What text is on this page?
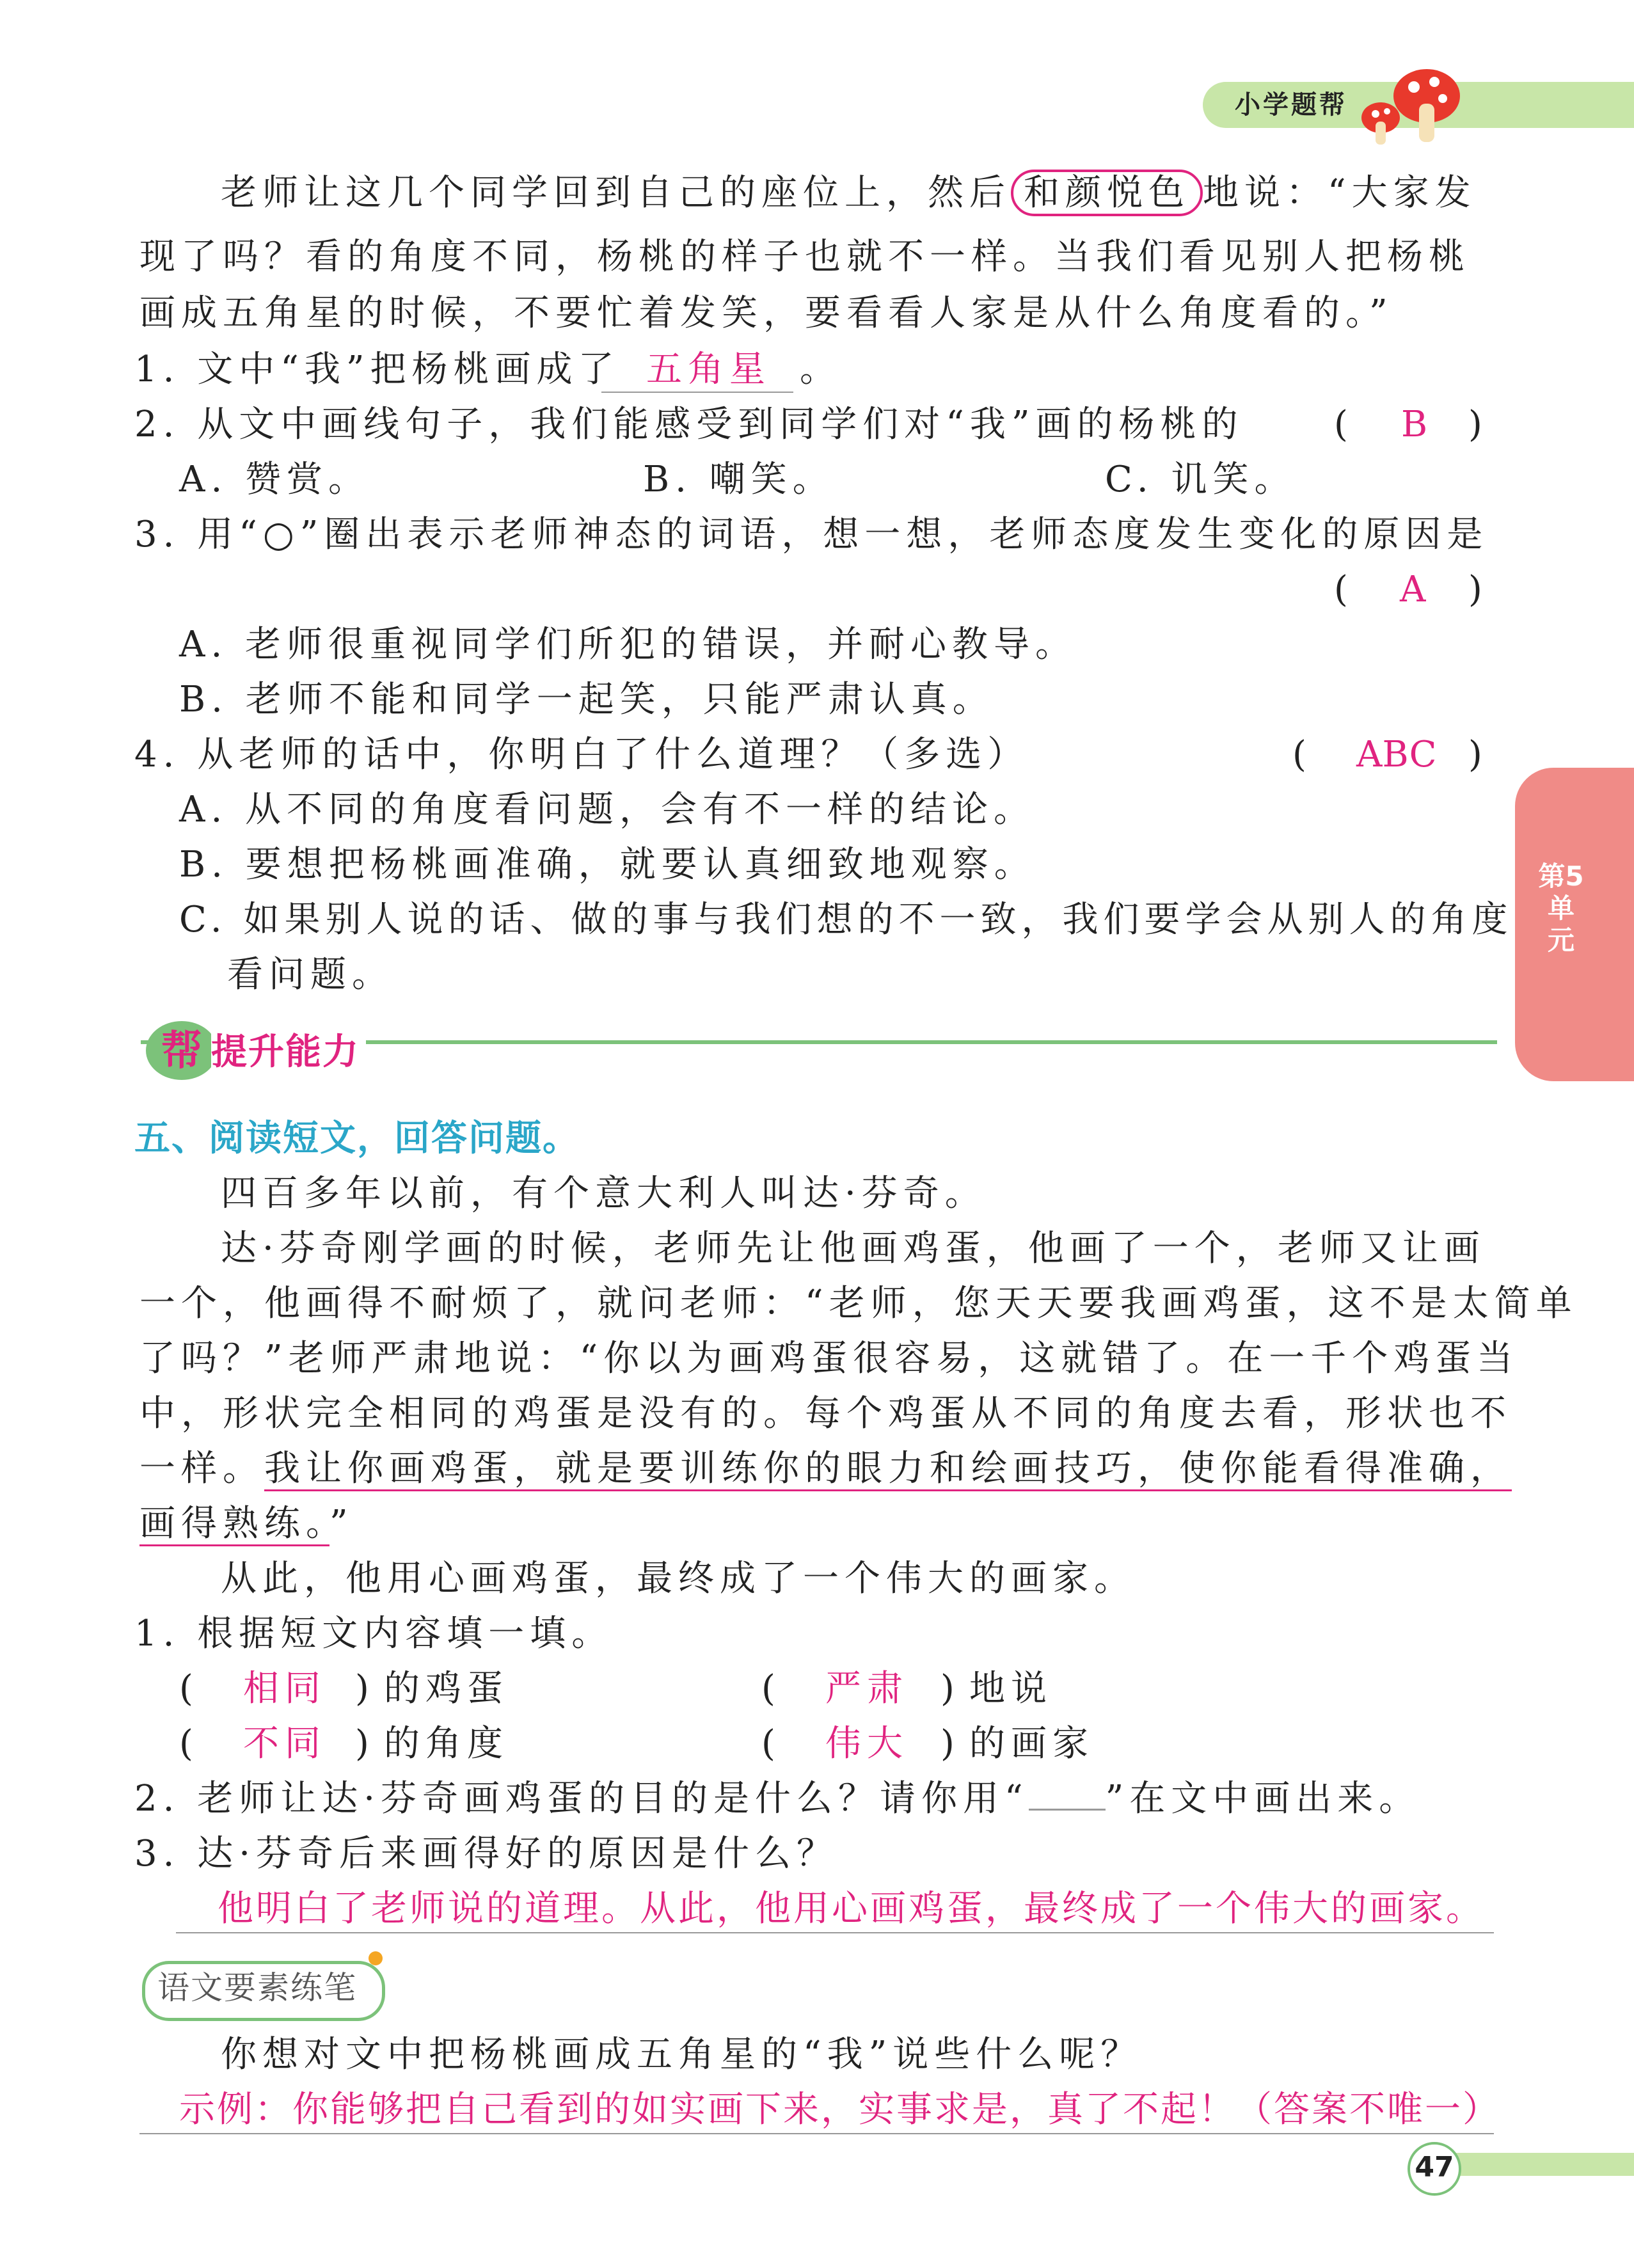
小学题帮
第5单元
老师让这几个同学回到自己的座位上，然后 和颜悦色 地说：“大家发
现了吗？看的角度不同，杨桃的样子也就不一样。当我们看见别人把杨桃
画成五角星的时候，不要忙着发笑，要看看人家是从什么角度看的。”
1. 文中“我”把杨桃画成了 五角星 。
2. 从文中画线句子，我们能感受到同学们对“我”画的杨桃的	( B )
A. 赞赏。	B. 嘲笑。	C. 讥笑。
3. 用“○”圈出表示老师神态的词语，想一想，老师态度发生变化的原因是
( A )
A. 老师很重视同学们所犯的错误，并耐心教导。
B. 老师不能和同学一起笑，只能严肃认真。
4. 从老师的话中，你明白了什么道理？（多选）	( ABC )
A. 从不同的角度看问题，会有不一样的结论。
B. 要想把杨桃画准确，就要认真细致地观察。
C. 如果别人说的话、做的事与我们想的不一致，我们要学会从别人的角度
看问题。
帮 提升能力
五、阅读短文，回答问题。
四百多年以前，有个意大利人叫达·芬奇。
达·芬奇刚学画的时候，老师先让他画鸡蛋，他画了一个，老师又让画
一个，他画得不耐烦了，就问老师：“老师，您天天要我画鸡蛋，这不是太简单
了吗？”老师严肃地说：“你以为画鸡蛋很容易，这就错了。在一千个鸡蛋当
中，形状完全相同的鸡蛋是没有的。每个鸡蛋从不同的角度去看，形状也不
一样。我让你画鸡蛋，就是要训练你的眼力和绘画技巧，使你能看得准确，
画得熟练。”
从此，他用心画鸡蛋，最终成了一个伟大的画家。
1. 根据短文内容填一填。
( 相同 ) 的鸡蛋	( 严肃 ) 地说
( 不同 ) 的角度	( 伟大 ) 的画家
2. 老师让达·芬奇画鸡蛋的目的是什么？请你用“ ”在文中画出来。
3. 达·芬奇后来画得好的原因是什么？
他明白了老师说的道理。从此，他用心画鸡蛋，最终成了一个伟大的画家。
语文要素练笔
你想对文中把杨桃画成五角星的“我”说些什么呢？
示例：你能够把自己看到的如实画下来，实事求是，真了不起！（答案不唯一）
47
